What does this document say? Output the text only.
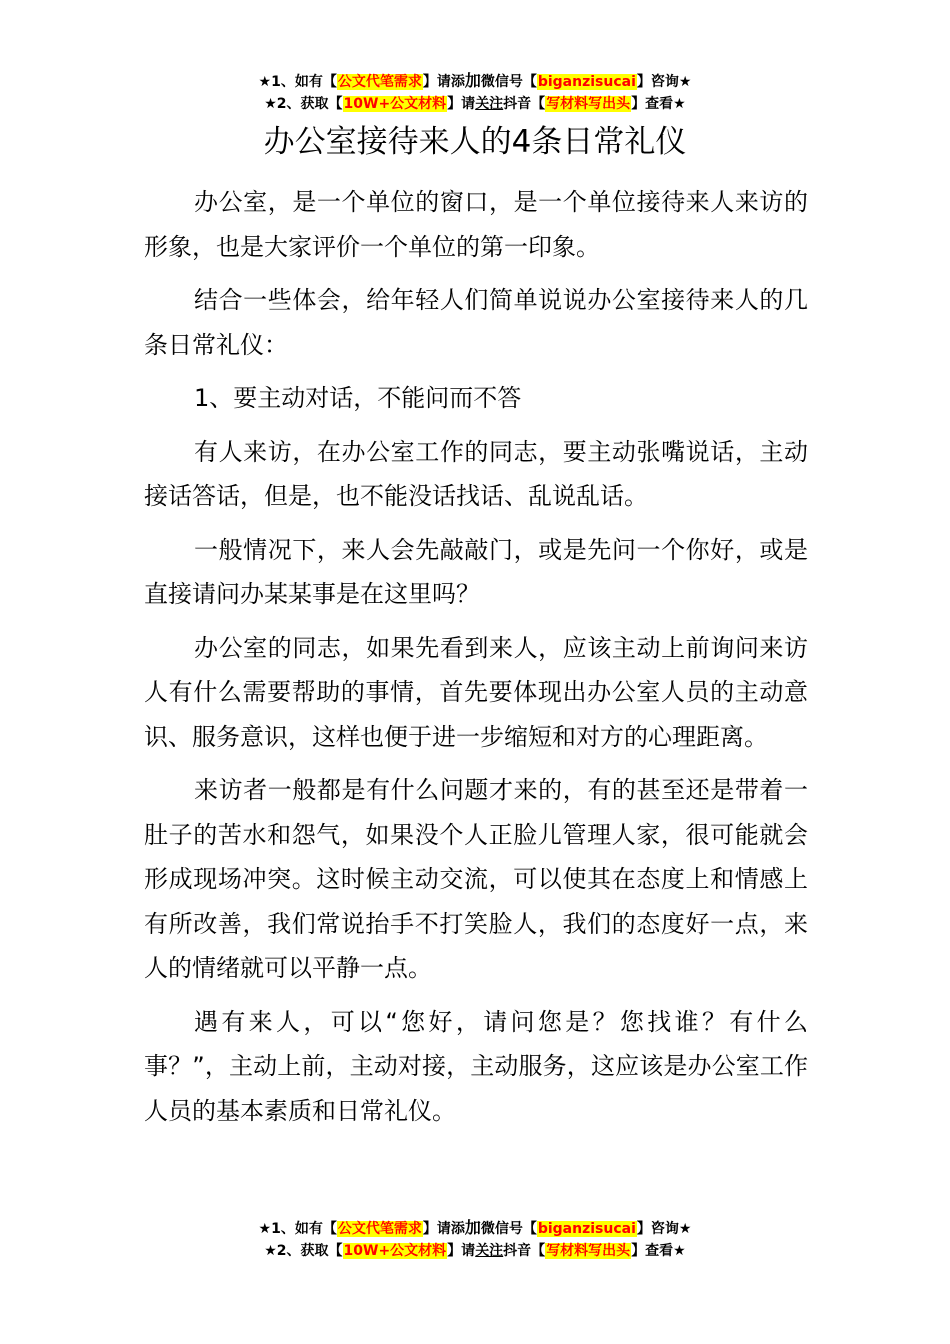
★1、如有【公文代笔需求】请添加微信号【biganzisucai】咨询★
★2、获取【10W+公文材料】请关注抖音【写材料写出头】查看★
办公室接待来人的4条日常礼仪

办公室，是一个单位的窗口，是一个单位接待来人来访的形象，也是大家评价一个单位的第一印象。

结合一些体会，给年轻人们简单说说办公室接待来人的几条日常礼仪：

1、要主动对话，不能问而不答

有人来访，在办公室工作的同志，要主动张嘴说话，主动接话答话，但是，也不能没话找话、乱说乱话。

一般情况下，来人会先敲敲门，或是先问一个你好，或是直接请问办某某事是在这里吗？

办公室的同志，如果先看到来人，应该主动上前询问来访人有什么需要帮助的事情，首先要体现出办公室人员的主动意识、服务意识，这样也便于进一步缩短和对方的心理距离。

来访者一般都是有什么问题才来的，有的甚至还是带着一肚子的苦水和怨气，如果没个人正脸儿管理人家，很可能就会形成现场冲突。这时候主动交流，可以使其在态度上和情感上有所改善，我们常说抬手不打笑脸人，我们的态度好一点，来人的情绪就可以平静一点。

遇有来人，可以“您好，请问您是？您找谁？有什么事？”，主动上前，主动对接，主动服务，这应该是办公室工作人员的基本素质和日常礼仪。

★1、如有【公文代笔需求】请添加微信号【biganzisucai】咨询★
★2、获取【10W+公文材料】请关注抖音【写材料写出头】查看★
